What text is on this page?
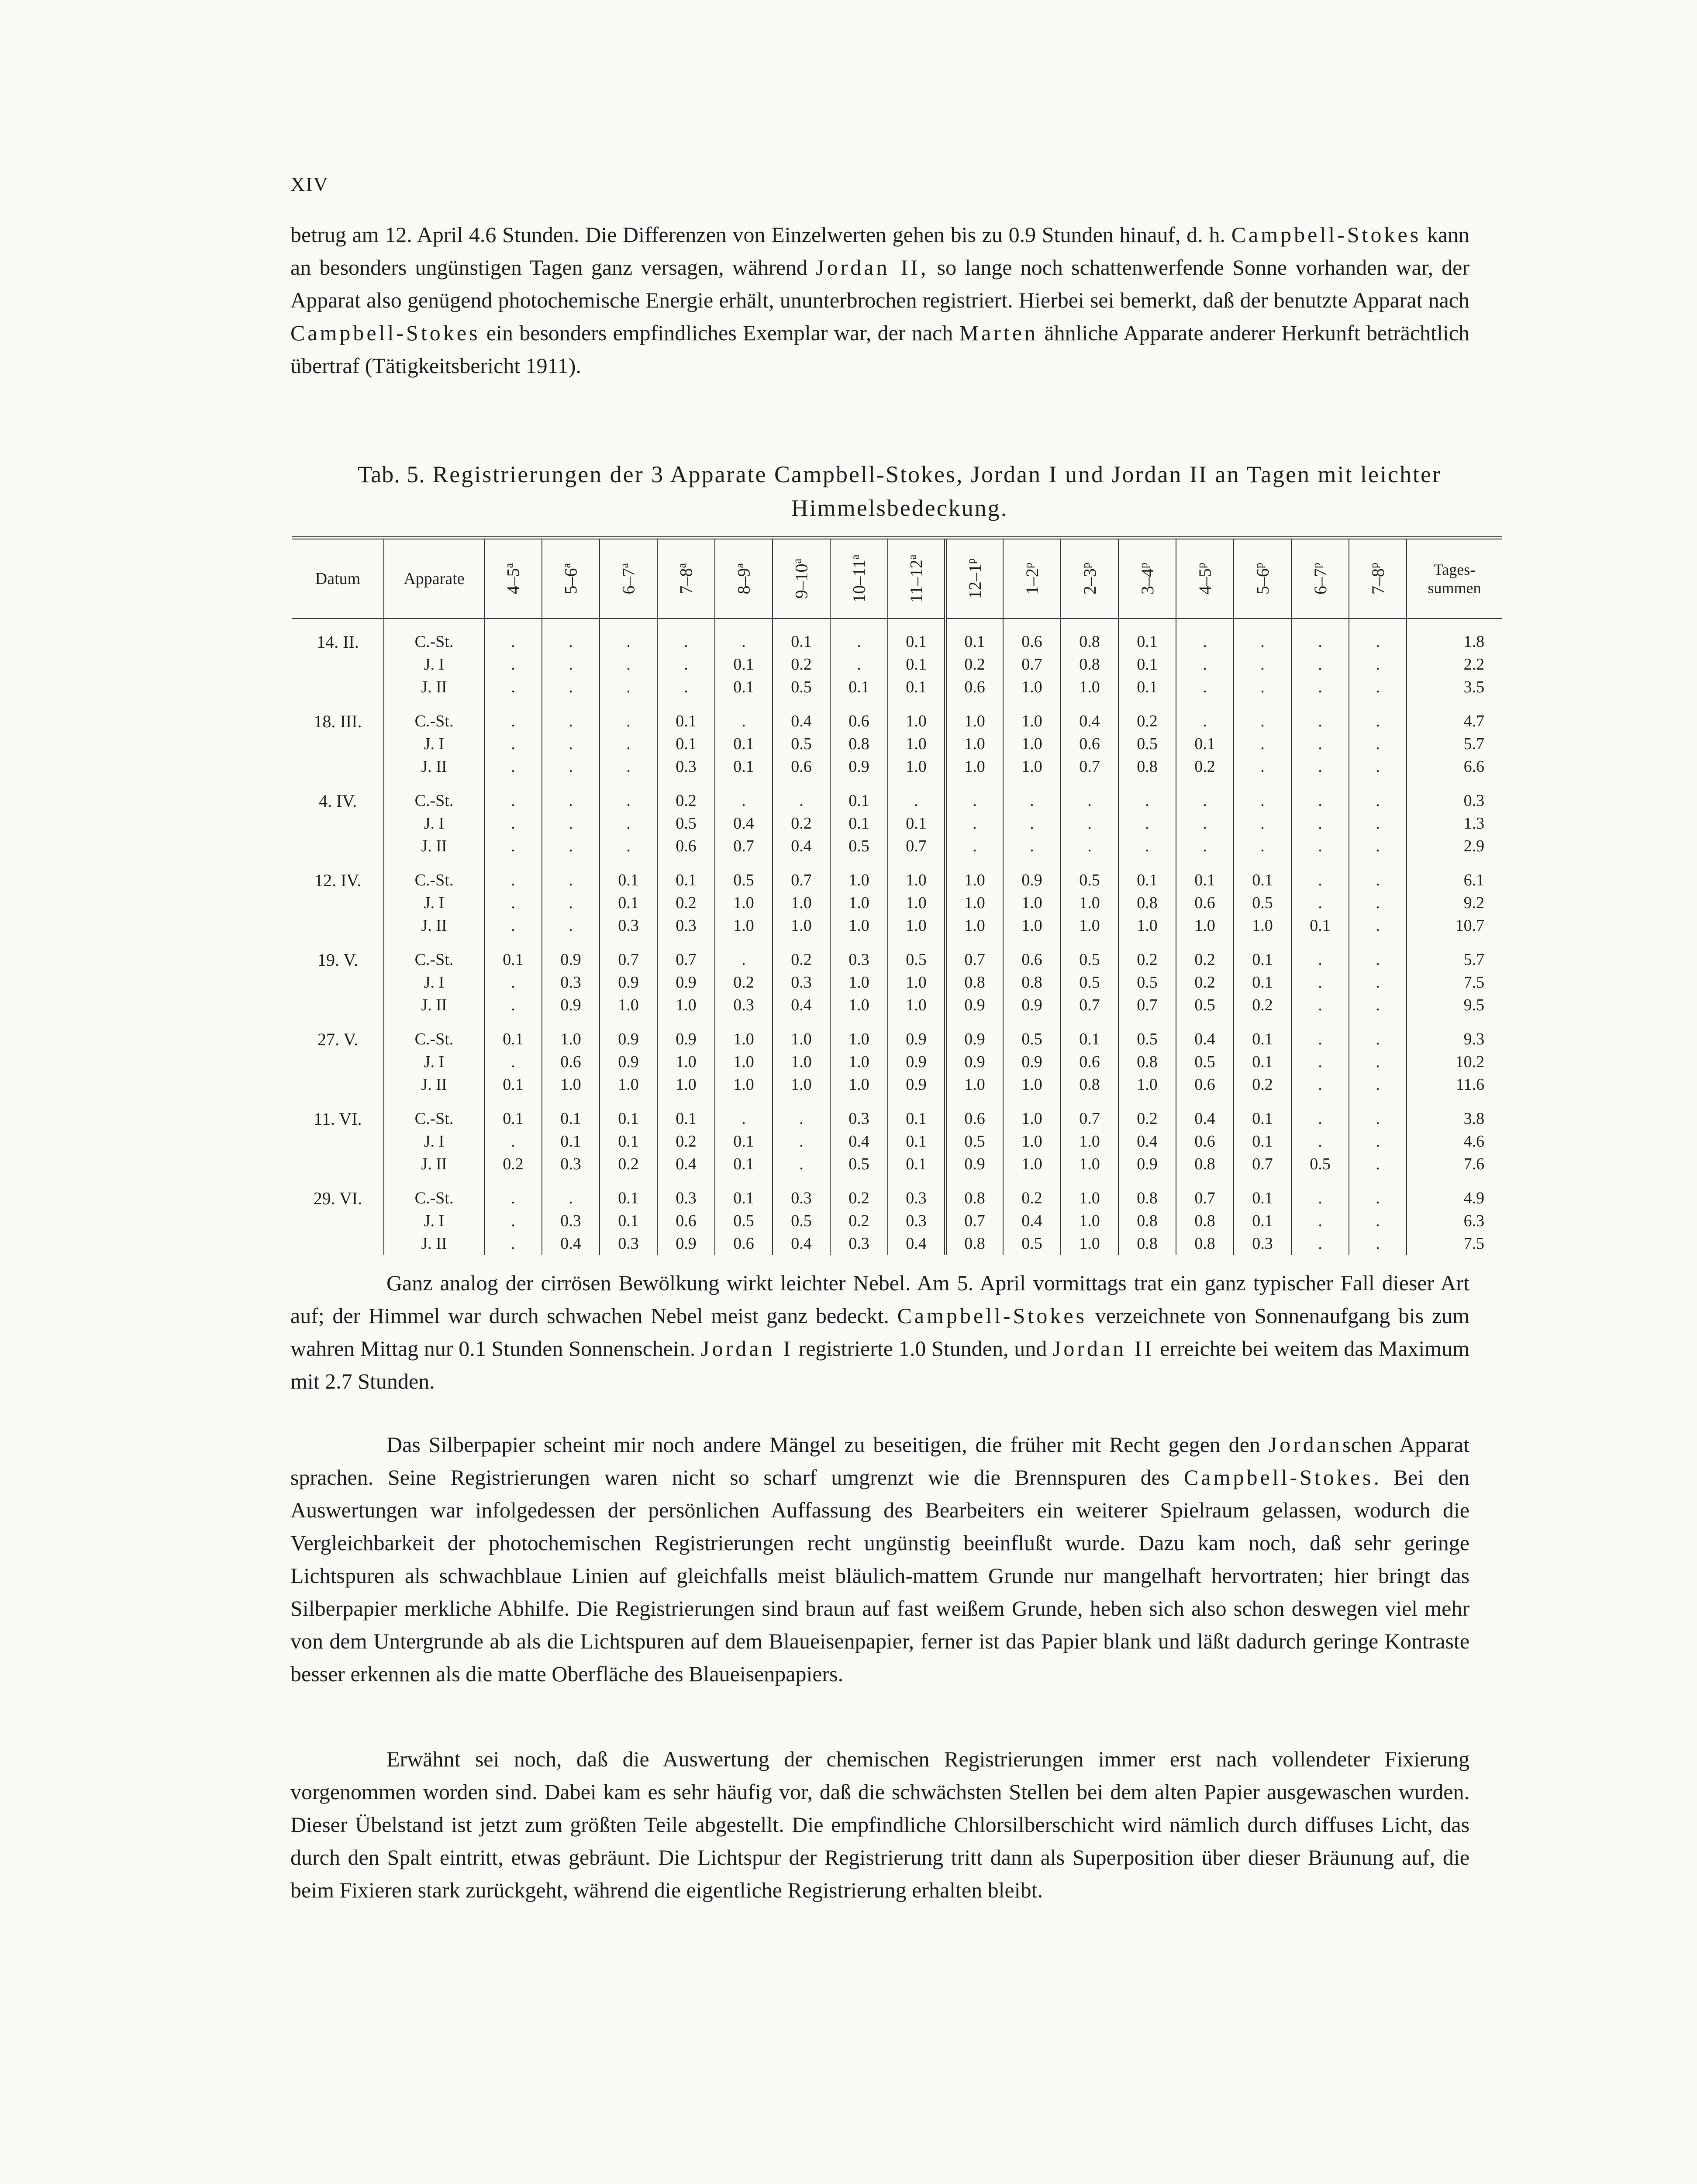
XIV
betrug am 12. April 4.6 Stunden. Die Differenzen von Einzelwerten gehen bis zu 0.9 Stunden hinauf, d. h. Campbell-Stokes kann an besonders ungünstigen Tagen ganz versagen, während Jordan II, so lange noch schattenwerfende Sonne vorhanden war, der Apparat also genügend photochemische Energie erhält, ununterbrochen registriert. Hierbei sei bemerkt, daß der benutzte Apparat nach Campbell-Stokes ein besonders empfindliches Exemplar war, der nach Marten ähnliche Apparate anderer Herkunft beträchtlich übertraf (Tätigkeitsbericht 1911).
Tab. 5. Registrierungen der 3 Apparate Campbell-Stokes, Jordan I und Jordan II an Tagen mit leichter Himmelsbedeckung.

Datum	Apparate	4–5$^a$	5–6$^a$	6–7$^a$	7–8$^a$	8–9$^a$	9–10$^a$	10–11$^a$	11–12$^a$	12–1$^p$	1–2$^p$	2–3$^p$	3–4$^p$	4–5$^p$	5–6$^p$	6–7$^p$	7–8$^p$	Tages-summen

14. II.	C.-St.	.	.	.	.	.	0.1	.	0.1	0.1	0.6	0.8	0.1	.	.	.	.	1.8
	J. I	.	.	.	.	0.1	0.2	.	0.1	0.2	0.7	0.8	0.1	.	.	.	.	2.2
	J. II	.	.	.	.	0.1	0.5	0.1	0.1	0.6	1.0	1.0	0.1	.	.	.	.	3.5

18. III.	C.-St.	.	.	.	0.1	.	0.4	0.6	1.0	1.0	1.0	0.4	0.2	.	.	.	.	4.7
	J. I	.	.	.	0.1	0.1	0.5	0.8	1.0	1.0	1.0	0.6	0.5	0.1	.	.	.	5.7
	J. II	.	.	.	0.3	0.1	0.6	0.9	1.0	1.0	1.0	0.7	0.8	0.2	.	.	.	6.6

4. IV.	C.-St.	.	.	.	0.2	.	.	0.1	.	.	.	.	.	.	.	.	.	0.3
	J. I	.	.	.	0.5	0.4	0.2	0.1	0.1	.	.	.	.	.	.	.	.	1.3
	J. II	.	.	.	0.6	0.7	0.4	0.5	0.7	.	.	.	.	.	.	.	.	2.9

12. IV.	C.-St.	.	.	0.1	0.1	0.5	0.7	1.0	1.0	1.0	0.9	0.5	0.1	0.1	0.1	.	.	6.1
	J. I	.	.	0.1	0.2	1.0	1.0	1.0	1.0	1.0	1.0	1.0	0.8	0.6	0.5	.	.	9.2
	J. II	.	.	0.3	0.3	1.0	1.0	1.0	1.0	1.0	1.0	1.0	1.0	1.0	1.0	0.1	.	10.7

19. V.	C.-St.	0.1	0.9	0.7	0.7	.	0.2	0.3	0.5	0.7	0.6	0.5	0.2	0.2	0.1	.	.	5.7
	J. I	.	0.3	0.9	0.9	0.2	0.3	1.0	1.0	0.8	0.8	0.5	0.5	0.2	0.1	.	.	7.5
	J. II	.	0.9	1.0	1.0	0.3	0.4	1.0	1.0	0.9	0.9	0.7	0.7	0.5	0.2	.	.	9.5

27. V.	C.-St.	0.1	1.0	0.9	0.9	1.0	1.0	1.0	0.9	0.9	0.5	0.1	0.5	0.4	0.1	.	.	9.3
	J. I	.	0.6	0.9	1.0	1.0	1.0	1.0	0.9	0.9	0.9	0.6	0.8	0.5	0.1	.	.	10.2
	J. II	0.1	1.0	1.0	1.0	1.0	1.0	1.0	0.9	1.0	1.0	0.8	1.0	0.6	0.2	.	.	11.6

11. VI.	C.-St.	0.1	0.1	0.1	0.1	.	.	0.3	0.1	0.6	1.0	0.7	0.2	0.4	0.1	.	.	3.8
	J. I	.	0.1	0.1	0.2	0.1	.	0.4	0.1	0.5	1.0	1.0	0.4	0.6	0.1	.	.	4.6
	J. II	0.2	0.3	0.2	0.4	0.1	.	0.5	0.1	0.9	1.0	1.0	0.9	0.8	0.7	0.5	.	7.6

29. VI.	C.-St.	.	.	0.1	0.3	0.1	0.3	0.2	0.3	0.8	0.2	1.0	0.8	0.7	0.1	.	.	4.9
	J. I	.	0.3	0.1	0.6	0.5	0.5	0.2	0.3	0.7	0.4	1.0	0.8	0.8	0.1	.	.	6.3
	J. II	.	0.4	0.3	0.9	0.6	0.4	0.3	0.4	0.8	0.5	1.0	0.8	0.8	0.3	.	.	7.5
Ganz analog der cirrösen Bewölkung wirkt leichter Nebel. Am 5. April vormittags trat ein ganz typischer Fall dieser Art auf; der Himmel war durch schwachen Nebel meist ganz bedeckt. Campbell-Stokes verzeichnete von Sonnenaufgang bis zum wahren Mittag nur 0.1 Stunden Sonnenschein. Jordan I registrierte 1.0 Stunden, und Jordan II erreichte bei weitem das Maximum mit 2.7 Stunden.
Das Silberpapier scheint mir noch andere Mängel zu beseitigen, die früher mit Recht gegen den Jordanschen Apparat sprachen. Seine Registrierungen waren nicht so scharf umgrenzt wie die Brennspuren des Campbell-Stokes. Bei den Auswertungen war infolgedessen der persönlichen Auffassung des Bearbeiters ein weiterer Spielraum gelassen, wodurch die Vergleichbarkeit der photochemischen Registrierungen recht ungünstig beeinflußt wurde. Dazu kam noch, daß sehr geringe Lichtspuren als schwachblaue Linien auf gleichfalls meist bläulich-mattem Grunde nur mangelhaft hervortraten; hier bringt das Silberpapier merkliche Abhilfe. Die Registrierungen sind braun auf fast weißem Grunde, heben sich also schon deswegen viel mehr von dem Untergrunde ab als die Lichtspuren auf dem Blaueisenpapier, ferner ist das Papier blank und läßt dadurch geringe Kontraste besser erkennen als die matte Oberfläche des Blaueisenpapiers.
Erwähnt sei noch, daß die Auswertung der chemischen Registrierungen immer erst nach vollendeter Fixierung vorgenommen worden sind. Dabei kam es sehr häufig vor, daß die schwächsten Stellen bei dem alten Papier ausgewaschen wurden. Dieser Übelstand ist jetzt zum größten Teile abgestellt. Die empfindliche Chlorsilberschicht wird nämlich durch diffuses Licht, das durch den Spalt eintritt, etwas gebräunt. Die Lichtspur der Registrierung tritt dann als Superposition über dieser Bräunung auf, die beim Fixieren stark zurückgeht, während die eigentliche Registrierung erhalten bleibt.
